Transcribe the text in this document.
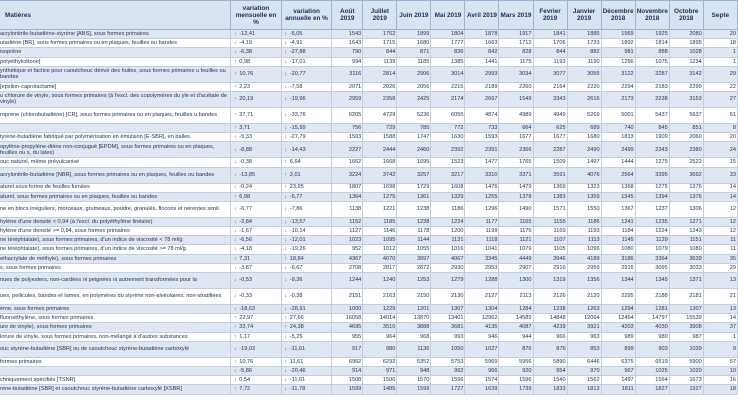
Matières	variation mensuelle en %	variation annuelle en %	Août 2019	Juillet 2019	Juin 2019	Mai 2019	Avril 2019	Mars 2019	Fevrier 2019	Janvier 2019	Décembre 2018	Novembre 2018	Octobre 2018	Septe
acrylonitrile-butadiène-styrène [ABS], sous formes primaires	↓ -12,41	↓ -5,05	1543	1762	1899	1804	1878	1917	1841	1885	1969	1925	2080	20
utadiène [BR], sous formes primaires ou en plaques, feuilles ou bandes	↓ -4,19	↓ -4,91	1643	1715	1680	1777	1663	1712	1706	1733	1892	1814	1895	18
isoprène	↓ -6,38	↓ -27,88	790	844	871	836	842	828	844	882	981	888	1028	1
polyéthylcétone]	↑ 0,98	↓ -17,01	994	1139	1185	1385	1441	1175	1193	1190	1256	1075	1234	1
ynthétique et factice pour caoutchouc dérivé des huiles, sous formes primaires u feuilles ou bandes	↑ 10,76	↓ -20,77	3116	2814	2906	3014	2993	3034	3077	3055	3122	3287	3142	29
[epsilon-caprolactame]	↑ 2,23	↓ -7,58	2071	2026	2056	2215	2189	2260	2164	2220	2294	2183	2299	22
u chlorure de vinyle, sous formes primaires (à l'excl. des copolymères du yle et d'acétate de vinyle)	↑ 20,19	↓ -19,96	2959	2358	2425	2174	2667	1549	3343	2616	2173	2238	3153	27
roprène (chlorobutadiène) [CR], sous formes primaires ou en plaques, feuilles u bandes	↑ 37,71	↓ -33,76	6205	4729	5236	6055	4874	4989	4949	5269	5001	5437	5637	51
	↑ 3,71	↓ -15,99	756	729	785	772	733	664	625	689	740	845	851	8
tyrène-butadiène fabriqué par polymérisation en émulsion [E-SBR], en balles	↓ -5,33	↓ -27,79	1503	1588	1747	1630	1593	1677	1677	1680	1813	1909	2060	20
opylène-propylène-diène non-conjugué [EPDM], sous formes primaires ou en plaques, feuilles ou s, du latex)	↓ -8,88	↓ -14,43	2227	2444	2460	2392	2391	2366	2287	2490	2499	2343	2380	24
ouc naturel, même prévulcanisé	↓ -0,38	↑ 6,64	1662	1668	1695	1523	1477	1765	1509	1497	1444	1275	2522	15
acrylonitrile-butadiène [NBR], sous formes primaires ou en plaques, feuilles ou bandes	↓ -13,85	↑ 2,01	3224	3742	3257	3217	3310	3371	3591	4076	2564	3395	3692	33
aturel sous forme de feuilles fumées	↓ -0,24	↑ 23,95	1807	1698	1729	1608	1476	1479	1369	1323	1368	1275	1376	14
aturel, sous formes primaires ou en plaques, feuilles ou bandes	↑ 6,98	↓ -5,77	1364	1275	1361	1329	1255	1378	1383	1359	1345	1394	1376	14
ne en blocs irréguliers, morceaux, grumeaux, poudre, granulés, flocons et nérentes simil.	↓ -6,77	↓ -7,86	1138	1221	1238	1186	1296	1490	1571	1550	1367	1237	1306	12
hylène d'une densité < 0,94 (à l'excl. du polyéthylène linéaire)	↓ -2,84	↓ -13,57	1152	1185	1238	1224	1177	1165	1155	1186	1241	1235	1271	12
hylène d'une densité >= 0,94, sous formes primaires	↓ -1,67	↓ -10,14	1127	1146	1178	1200	1199	1175	1169	1193	1184	1224	1243	12
ne téréphtalate), sous formes primaires, d'un indice de viscosité < 78 ml/g	↓ -6,56	↓ -12,01	1023	1095	1144	1131	1118	1121	1107	1113	1145	1129	1151	11
ne téréphtalate), sous formes primaires, d'un indice de viscosité >= 78 ml/g	↓ -4,18	↓ -19,26	952	1012	1055	1016	1041	1079	1105	1096	1080	1079	1080	11
ethacrylate de méthyle), sous formes primaires	↑ 7,31	↑ 18,84	4367	4070	3997	4067	3345	4449	3946	4189	3186	3364	3639	35
s, sous formes primaires	↓ -3,87	↓ -6,67	2708	2817	2872	2930	2953	2907	2916	2959	2916	3095	3033	29
nues de polyesters, non-cardées ni peignées ni autrement transformées pour la	↓ -0,53	↓ -9,36	1244	1240	1253	1279	1288	1300	1319	1356	1344	1345	1371	13
ues, pellicules, bandes et lames, en polymères du styrène non-alvéolaires, non-stratifiées	↓ -0,33	↓ -0,38	2151	2163	2150	2130	2127	2113	2126	2120	2295	2188	2181	21
ème, sous formes primaires	↓ -18,63	↓ -28,91	1000	1229	1201	1307	1304	1284	1238	1263	1294	1281	1307	13
fluoroéthylène, sous formes primaires	↑ 22,97	↑ 27,66	16058	14014	13870	13401	12962	14589	14848	12064	12464	14797	15539	14
ure de vinyle), sous formes primaires	↑ 33,74	↑ 24,38	4695	3510	3888	3681	4135	4087	4239	3921	4203	4030	3908	37
lorure de vinyle, sous formes primaires, non-mélangé à d'autres substances	↑ 1,17	↓ -5,25	955	964	968	993	946	944	966	963	989	980	987	1
ouc styrène-butadiène [SBR] ou de caoutchouc styrène-butadiène carboxylé	↓ -19,03	↓ -11,61	917	980	1136	1050	1027	876	876	853	899	903	1039	9
formes primaires	↑ 10,76	↑ 11,61	6962	6292	5352	5753	5969	5956	5890	6446	6375	6519	5900	57
	↓ -5,86	↓ -20,46	914	971	948	992	966	920	954	970	967	1025	1020	10
chniquement spécifiés [TSNR]	↑ 0,54	↓ -11,61	1508	1500	1570	1596	1574	1596	1540	1562	1497	1564	1673	16
rène-butadiène [SBR] et caoutchouc styrène-butadiène carboxylé [XSBR]	↑ 7,72	↓ -11,78	1599	1485	1599	1727	1639	1739	1833	1813	1811	1827	1927	18
